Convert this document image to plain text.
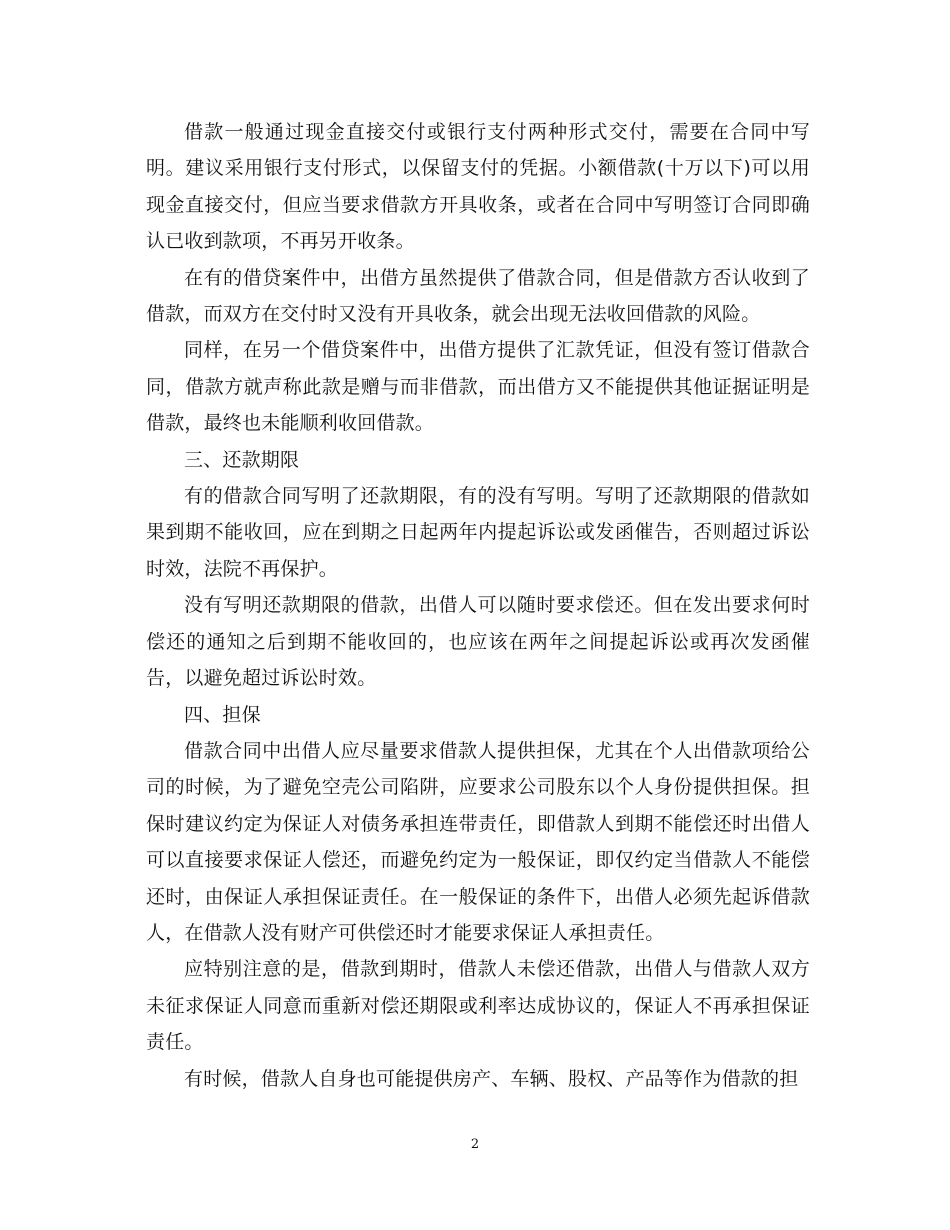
借款一般通过现金直接交付或银行支付两种形式交付，需要在合同中写明。建议采用银行支付形式，以保留支付的凭据。小额借款(十万以下)可以用现金直接交付，但应当要求借款方开具收条，或者在合同中写明签订合同即确认已收到款项，不再另开收条。

在有的借贷案件中，出借方虽然提供了借款合同，但是借款方否认收到了借款，而双方在交付时又没有开具收条，就会出现无法收回借款的风险。

同样，在另一个借贷案件中，出借方提供了汇款凭证，但没有签订借款合同，借款方就声称此款是赠与而非借款，而出借方又不能提供其他证据证明是借款，最终也未能顺利收回借款。

三、还款期限

有的借款合同写明了还款期限，有的没有写明。写明了还款期限的借款如果到期不能收回，应在到期之日起两年内提起诉讼或发函催告，否则超过诉讼时效，法院不再保护。

没有写明还款期限的借款，出借人可以随时要求偿还。但在发出要求何时偿还的通知之后到期不能收回的，也应该在两年之间提起诉讼或再次发函催告，以避免超过诉讼时效。

四、担保

借款合同中出借人应尽量要求借款人提供担保，尤其在个人出借款项给公司的时候，为了避免空壳公司陷阱，应要求公司股东以个人身份提供担保。担保时建议约定为保证人对债务承担连带责任，即借款人到期不能偿还时出借人可以直接要求保证人偿还，而避免约定为一般保证，即仅约定当借款人不能偿还时，由保证人承担保证责任。在一般保证的条件下，出借人必须先起诉借款人，在借款人没有财产可供偿还时才能要求保证人承担责任。

应特别注意的是，借款到期时，借款人未偿还借款，出借人与借款人双方未征求保证人同意而重新对偿还期限或利率达成协议的，保证人不再承担保证责任。

有时候，借款人自身也可能提供房产、车辆、股权、产品等作为借款的担

2
